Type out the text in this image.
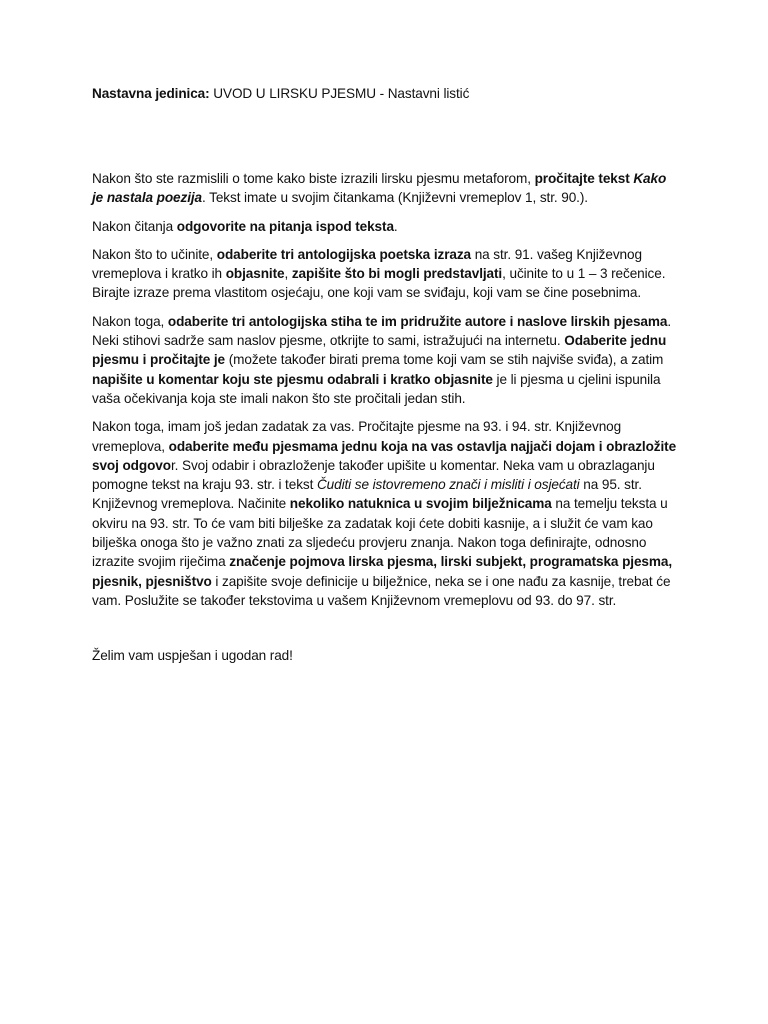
Nastavna jedinica: UVOD U LIRSKU PJESMU - Nastavni listić

Nakon što ste razmislili o tome kako biste izrazili lirsku pjesmu metaforom, pročitajte tekst Kako je nastala poezija. Tekst imate u svojim čitankama (Književni vremeplov 1, str. 90.).

Nakon čitanja odgovorite na pitanja ispod teksta.

Nakon što to učinite, odaberite tri antologijska poetska izraza na str. 91. vašeg Književnog vremeplova i kratko ih objasnite, zapišite što bi mogli predstavljati, učinite to u 1 – 3 rečenice. Birajte izraze prema vlastitom osjećaju, one koji vam se sviđaju, koji vam se čine posebnima.

Nakon toga, odaberite tri antologijska stiha te im pridružite autore i naslove lirskih pjesama. Neki stihovi sadrže sam naslov pjesme, otkrijte to sami, istražujući na internetu. Odaberite jednu pjesmu i pročitajte je (možete također birati prema tome koji vam se stih najviše sviđa), a zatim napišite u komentar koju ste pjesmu odabrali i kratko objasnite je li pjesma u cjelini ispunila vaša očekivanja koja ste imali nakon što ste pročitali jedan stih.

Nakon toga, imam još jedan zadatak za vas. Pročitajte pjesme na 93. i 94. str. Književnog vremeplova, odaberite među pjesmama jednu koja na vas ostavlja najjači dojam i obrazložite svoj odgovor. Svoj odabir i obrazloženje također upišite u komentar. Neka vam u obrazlaganju pomogne tekst na kraju 93. str. i tekst Čuditi se istovremeno znači i misliti i osjećati na 95. str. Književnog vremeplova. Načinite nekoliko natuknica u svojim bilježnicama na temelju teksta u okviru na 93. str. To će vam biti bilješke za zadatak koji ćete dobiti kasnije, a i služit će vam kao bilješka onoga što je važno znati za sljedeću provjeru znanja. Nakon toga definirajte, odnosno izrazite svojim riječima značenje pojmova lirska pjesma, lirski subjekt, programatska pjesma, pjesnik, pjesništvo i zapišite svoje definicije u bilježnice, neka se i one nađu za kasnije, trebat će vam. Poslužite se također tekstovima u vašem Književnom vremeplovu od 93. do 97. str.

Želim vam uspješan i ugodan rad!
